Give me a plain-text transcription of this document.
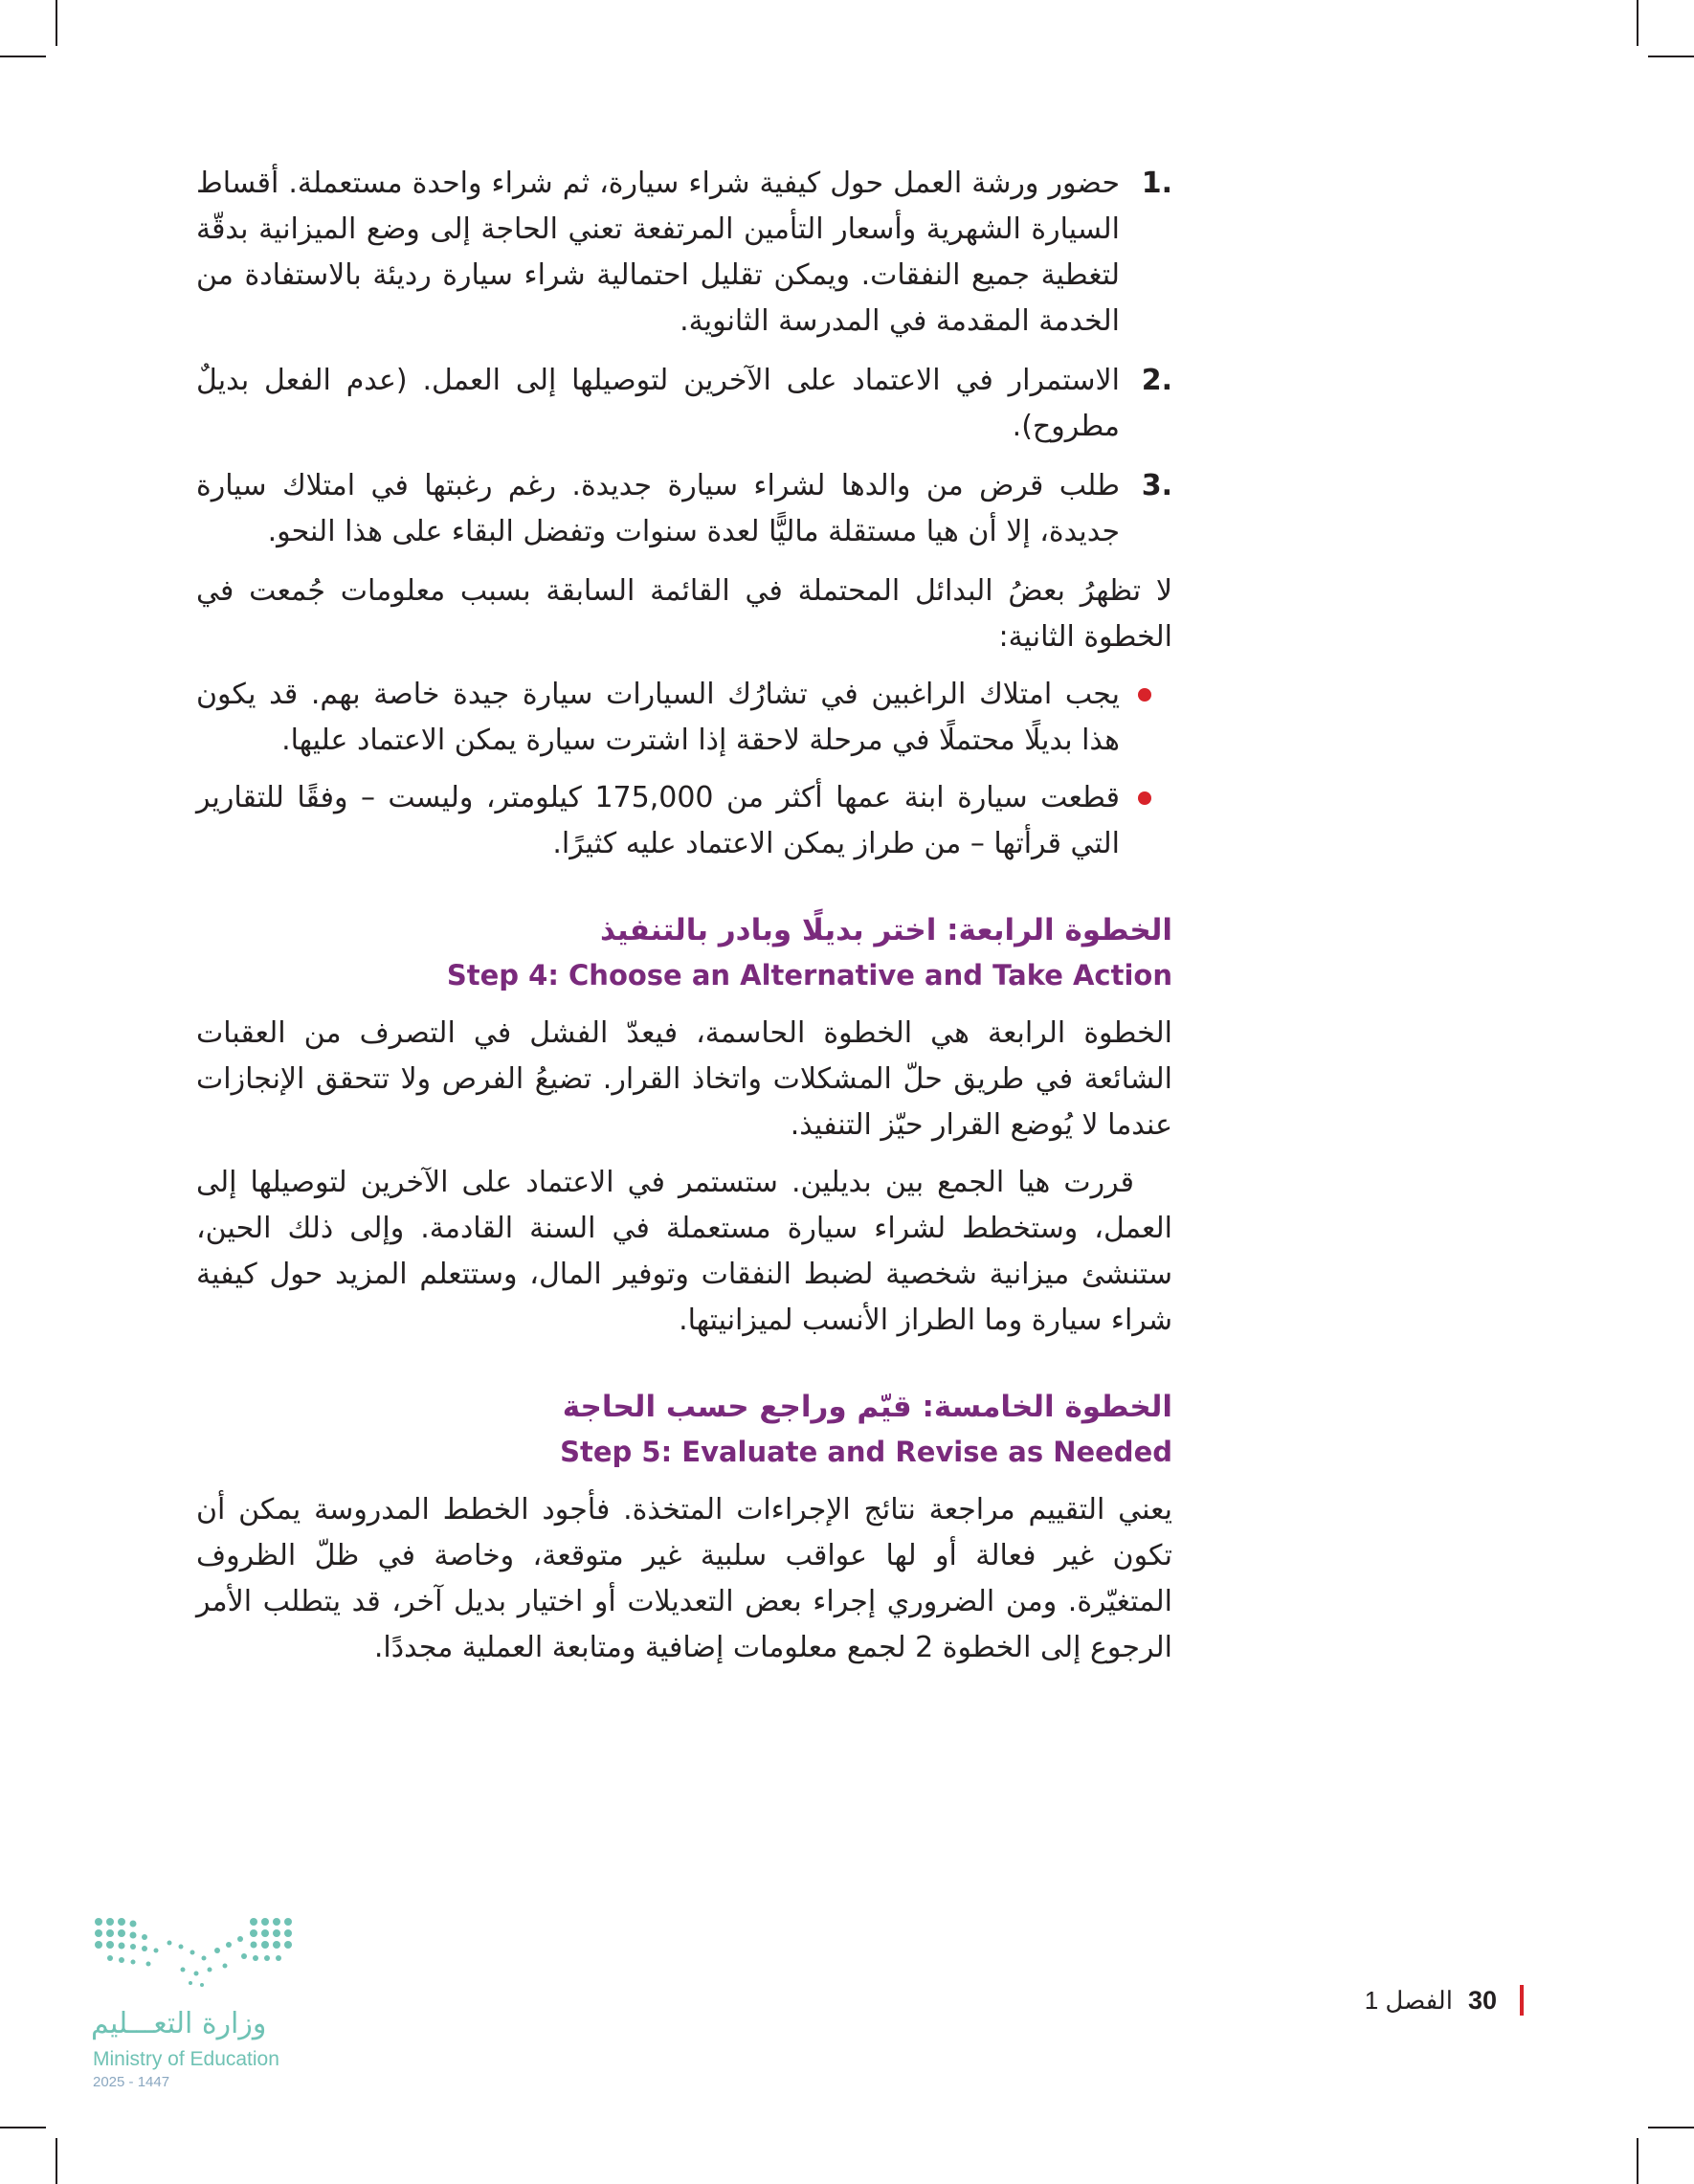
1.
حضور ورشة العمل حول كيفية شراء سيارة، ثم شراء واحدة مستعملة. أقساط السيارة الشهرية وأسعار التأمين المرتفعة تعني الحاجة إلى وضع الميزانية بدقّة لتغطية جميع النفقات. ويمكن تقليل احتمالية شراء سيارة رديئة بالاستفادة من الخدمة المقدمة في المدرسة الثانوية.
2.
الاستمرار في الاعتماد على الآخرين لتوصيلها إلى العمل. (عدم الفعل بديلٌ مطروح).
3.
طلب قرض من والدها لشراء سيارة جديدة. رغم رغبتها في امتلاك سيارة جديدة، إلا أن هيا مستقلة ماليًّا لعدة سنوات وتفضل البقاء على هذا النحو.

لا تظهرُ بعضُ البدائل المحتملة في القائمة السابقة بسبب معلومات جُمعت في الخطوة الثانية:

يجب امتلاك الراغبين في تشارُك السيارات سيارة جيدة خاصة بهم. قد يكون هذا بديلًا محتملًا في مرحلة لاحقة إذا اشترت سيارة يمكن الاعتماد عليها.
قطعت سيارة ابنة عمها أكثر من 175,000 كيلومتر، وليست – وفقًا للتقارير التي قرأتها – من طراز يمكن الاعتماد عليه كثيرًا.
الخطوة الرابعة: اختر بديلًا وبادر بالتنفيذ
Step 4: Choose an Alternative and Take Action

الخطوة الرابعة هي الخطوة الحاسمة، فيعدّ الفشل في التصرف من العقبات الشائعة في طريق حلّ المشكلات واتخاذ القرار. تضيعُ الفرص ولا تتحقق الإنجازات عندما لا يُوضع القرار حيّز التنفيذ.

قررت هيا الجمع بين بديلين. ستستمر في الاعتماد على الآخرين لتوصيلها إلى العمل، وستخطط لشراء سيارة مستعملة في السنة القادمة. وإلى ذلك الحين، ستنشئ ميزانية شخصية لضبط النفقات وتوفير المال، وستتعلم المزيد حول كيفية شراء سيارة وما الطراز الأنسب لميزانيتها.

الخطوة الخامسة: قيّم وراجع حسب الحاجة
Step 5: Evaluate and Revise as Needed

يعني التقييم مراجعة نتائج الإجراءات المتخذة. فأجود الخطط المدروسة يمكن أن تكون غير فعالة أو لها عواقب سلبية غير متوقعة، وخاصة في ظلّ الظروف المتغيّرة. ومن الضروري إجراء بعض التعديلات أو اختيار بديل آخر، قد يتطلب الأمر الرجوع إلى الخطوة 2 لجمع معلومات إضافية ومتابعة العملية مجددًا.

وزارة التعـــليم
Ministry of Education
2025 - 1447
30
الفصل 1
